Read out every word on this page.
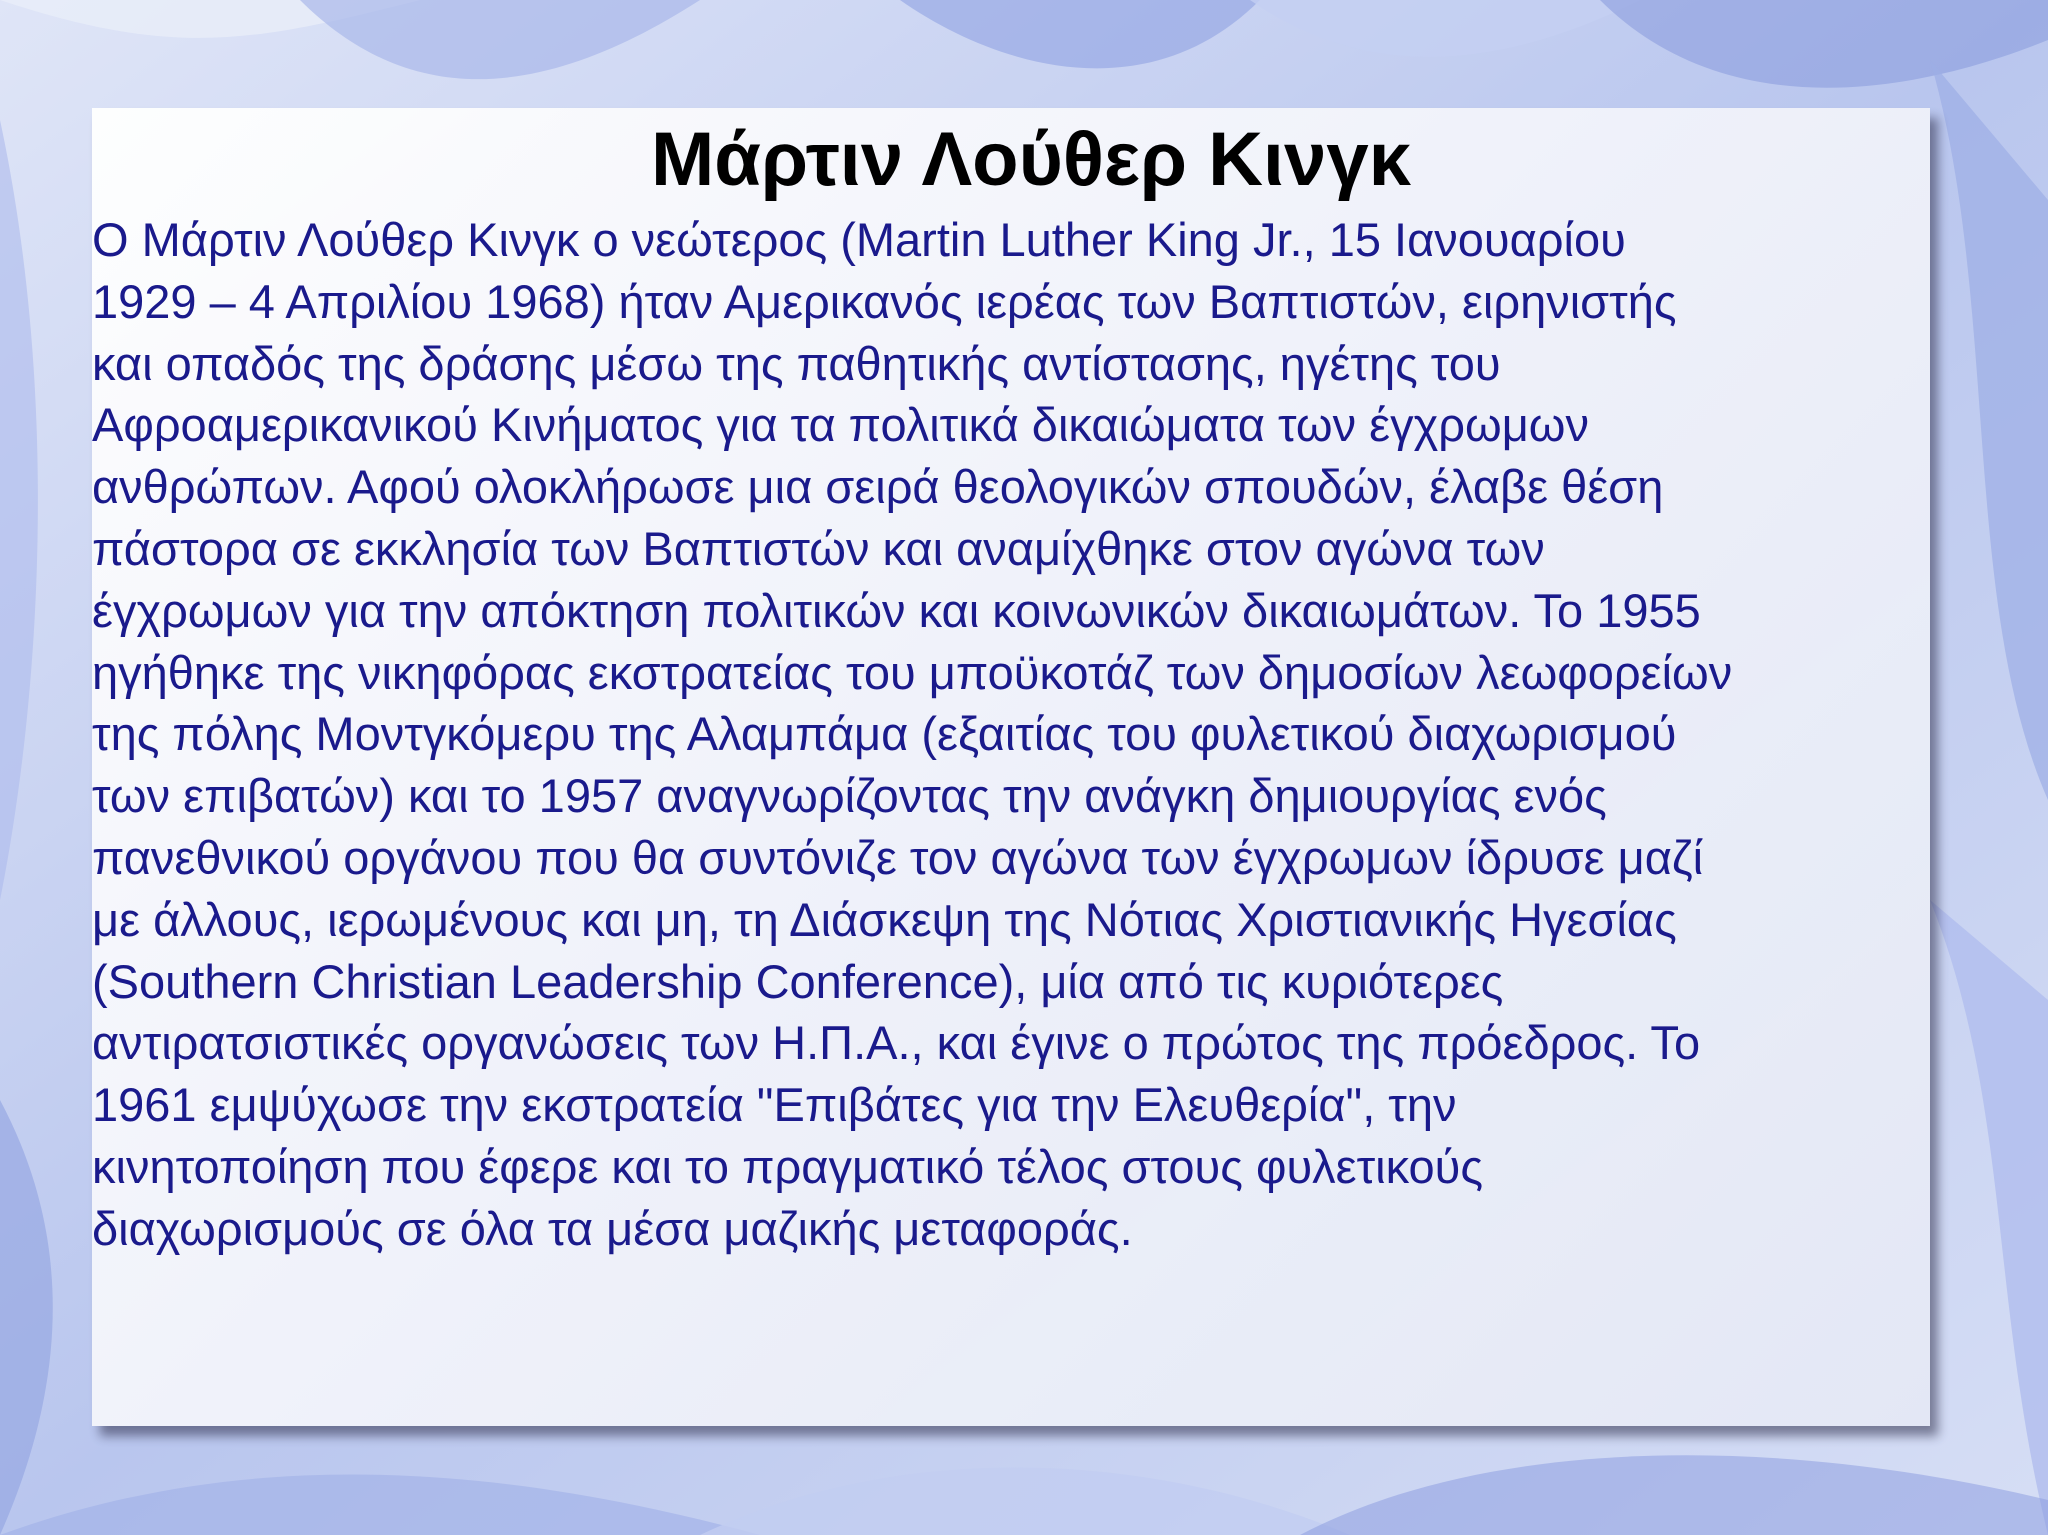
Μάρτιν Λούθερ Κινγκ
Ο Μάρτιν Λούθερ Κινγκ ο νεώτερος (Martin Luther King Jr., 15 Ιανουαρίου
1929 – 4 Απριλίου 1968) ήταν Αμερικανός ιερέας των Βαπτιστών, ειρηνιστής
και οπαδός της δράσης μέσω της παθητικής αντίστασης, ηγέτης του
Αφροαμερικανικού Κινήματος για τα πολιτικά δικαιώματα των έγχρωμων
ανθρώπων. Αφού ολοκλήρωσε μια σειρά θεολογικών σπουδών, έλαβε θέση
πάστορα σε εκκλησία των Βαπτιστών και αναμίχθηκε στον αγώνα των
έγχρωμων για την απόκτηση πολιτικών και κοινωνικών δικαιωμάτων. Το 1955
ηγήθηκε της νικηφόρας εκστρατείας του μποϋκοτάζ των δημοσίων λεωφορείων
της πόλης Μοντγκόμερυ της Αλαμπάμα (εξαιτίας του φυλετικού διαχωρισμού
των επιβατών) και το 1957 αναγνωρίζοντας την ανάγκη δημιουργίας ενός
πανεθνικού οργάνου που θα συντόνιζε τον αγώνα των έγχρωμων ίδρυσε μαζί
με άλλους, ιερωμένους και μη, τη Διάσκεψη της Νότιας Χριστιανικής Ηγεσίας
(Southern Christian Leadership Conference), μία από τις κυριότερες
αντιρατσιστικές οργανώσεις των Η.Π.Α., και έγινε ο πρώτος της πρόεδρος. Το
1961 εμψύχωσε την εκστρατεία "Επιβάτες για την Ελευθερία", την
κινητοποίηση που έφερε και το πραγματικό τέλος στους φυλετικούς
διαχωρισμούς σε όλα τα μέσα μαζικής μεταφοράς.
